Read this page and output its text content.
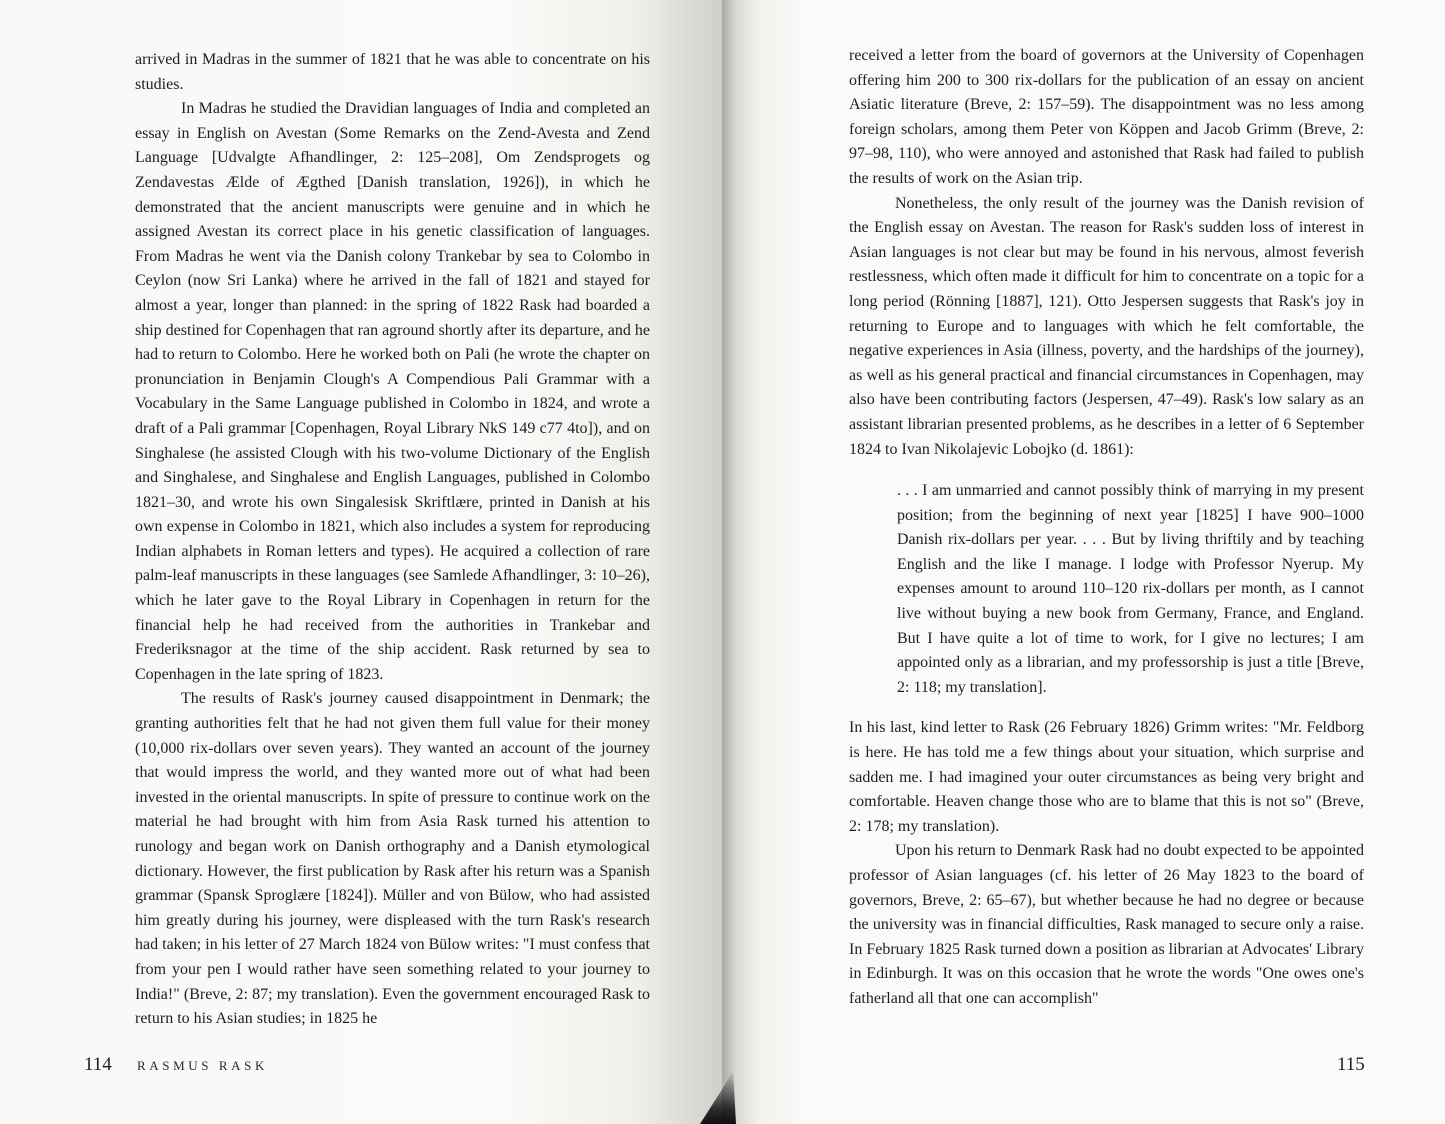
arrived in Madras in the summer of 1821 that he was able to concentrate on his studies.

In Madras he studied the Dravidian languages of India and completed an essay in English on Avestan (Some Remarks on the Zend-Avesta and Zend Language [Udvalgte Afhandlinger, 2: 125–208], Om Zendsprogets og Zendavestas Ælde of Ægthed [Danish translation, 1926]), in which he demonstrated that the ancient manuscripts were genuine and in which he assigned Avestan its correct place in his genetic classification of languages. From Madras he went via the Danish colony Trankebar by sea to Colombo in Ceylon (now Sri Lanka) where he arrived in the fall of 1821 and stayed for almost a year, longer than planned: in the spring of 1822 Rask had boarded a ship destined for Copenhagen that ran aground shortly after its departure, and he had to return to Colombo. Here he worked both on Pali (he wrote the chapter on pronunciation in Benjamin Clough's A Compendious Pali Grammar with a Vocabulary in the Same Language published in Colombo in 1824, and wrote a draft of a Pali grammar [Copenhagen, Royal Library NkS 149 c77 4to]), and on Singhalese (he assisted Clough with his two-volume Dictionary of the English and Singhalese, and Singhalese and English Languages, published in Colombo 1821–30, and wrote his own Singalesisk Skriftlære, printed in Danish at his own expense in Colombo in 1821, which also includes a system for reproducing Indian alphabets in Roman letters and types). He acquired a collection of rare palm-leaf manuscripts in these languages (see Samlede Afhandlinger, 3: 10–26), which he later gave to the Royal Library in Copenhagen in return for the financial help he had received from the authorities in Trankebar and Frederiksnagor at the time of the ship accident. Rask returned by sea to Copenhagen in the late spring of 1823.

The results of Rask's journey caused disappointment in Denmark; the granting authorities felt that he had not given them full value for their money (10,000 rix-dollars over seven years). They wanted an account of the journey that would impress the world, and they wanted more out of what had been invested in the oriental manuscripts. In spite of pressure to continue work on the material he had brought with him from Asia Rask turned his attention to runology and began work on Danish orthography and a Danish etymological dictionary. However, the first publication by Rask after his return was a Spanish grammar (Spansk Sproglære [1824]). Müller and von Bülow, who had assisted him greatly during his journey, were displeased with the turn Rask's research had taken; in his letter of 27 March 1824 von Bülow writes: "I must confess that from your pen I would rather have seen something related to your journey to India!" (Breve, 2: 87; my translation). Even the government encouraged Rask to return to his Asian studies; in 1825 he

114 RASMUS RASK

received a letter from the board of governors at the University of Copenhagen offering him 200 to 300 rix-dollars for the publication of an essay on ancient Asiatic literature (Breve, 2: 157–59). The disappointment was no less among foreign scholars, among them Peter von Köppen and Jacob Grimm (Breve, 2: 97–98, 110), who were annoyed and astonished that Rask had failed to publish the results of work on the Asian trip.

Nonetheless, the only result of the journey was the Danish revision of the English essay on Avestan. The reason for Rask's sudden loss of interest in Asian languages is not clear but may be found in his nervous, almost feverish restlessness, which often made it difficult for him to concentrate on a topic for a long period (Rönning [1887], 121). Otto Jespersen suggests that Rask's joy in returning to Europe and to languages with which he felt comfortable, the negative experiences in Asia (illness, poverty, and the hardships of the journey), as well as his general practical and financial circumstances in Copenhagen, may also have been contributing factors (Jespersen, 47–49). Rask's low salary as an assistant librarian presented problems, as he describes in a letter of 6 September 1824 to Ivan Nikolajevic Lobojko (d. 1861):

. . . I am unmarried and cannot possibly think of marrying in my present position; from the beginning of next year [1825] I have 900–1000 Danish rix-dollars per year. . . . But by living thriftily and by teaching English and the like I manage. I lodge with Professor Nyerup. My expenses amount to around 110–120 rix-dollars per month, as I cannot live without buying a new book from Germany, France, and England. But I have quite a lot of time to work, for I give no lectures; I am appointed only as a librarian, and my professorship is just a title [Breve, 2: 118; my translation].

In his last, kind letter to Rask (26 February 1826) Grimm writes: "Mr. Feldborg is here. He has told me a few things about your situation, which surprise and sadden me. I had imagined your outer circumstances as being very bright and comfortable. Heaven change those who are to blame that this is not so" (Breve, 2: 178; my translation).

Upon his return to Denmark Rask had no doubt expected to be appointed professor of Asian languages (cf. his letter of 26 May 1823 to the board of governors, Breve, 2: 65–67), but whether because he had no degree or because the university was in financial difficulties, Rask managed to secure only a raise. In February 1825 Rask turned down a position as librarian at Advocates' Library in Edinburgh. It was on this occasion that he wrote the words "One owes one's fatherland all that one can accomplish"

115
